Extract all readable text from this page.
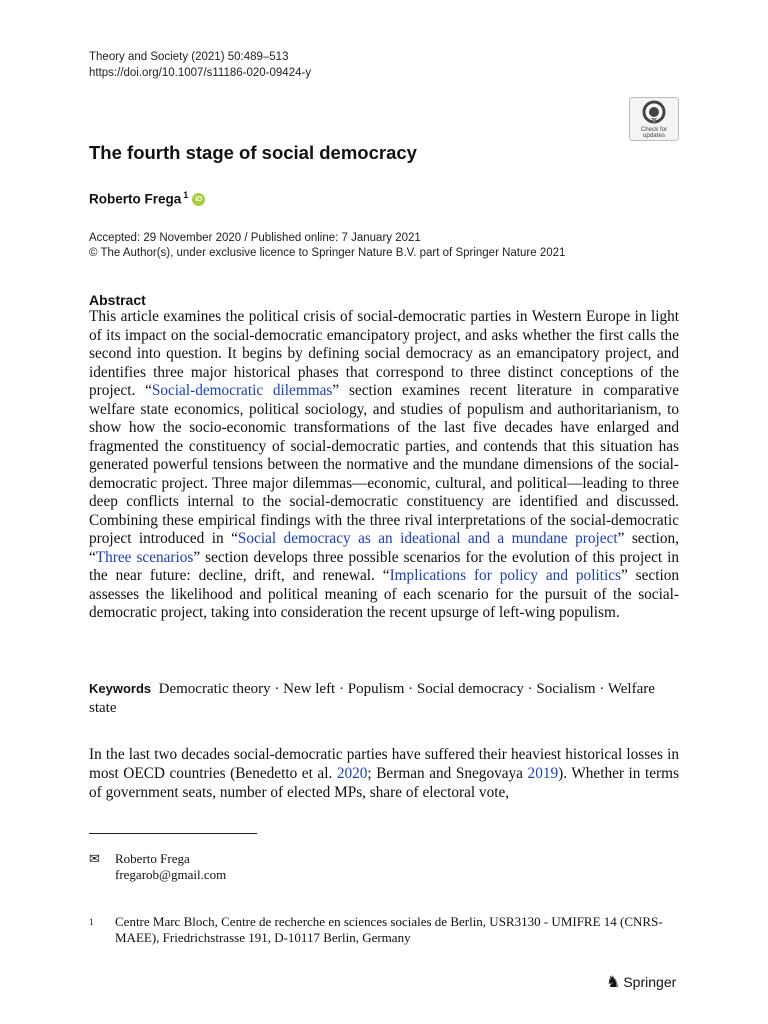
Theory and Society (2021) 50:489–513
https://doi.org/10.1007/s11186-020-09424-y
Check for
updates
The fourth stage of social democracy
Roberto Frega $^1$ iD
Accepted: 29 November 2020 / Published online: 7 January 2021
© The Author(s), under exclusive licence to Springer Nature B.V. part of Springer Nature 2021
Abstract
This article examines the political crisis of social-democratic parties in Western Europe in light of its impact on the social-democratic emancipatory project, and asks whether the first calls the second into question. It begins by defining social democracy as an emancipatory project, and identifies three major historical phases that correspond to three distinct conceptions of the project. “Social-democratic dilemmas” section examines recent literature in comparative welfare state economics, political sociology, and studies of populism and authoritarianism, to show how the socio-economic transformations of the last five decades have enlarged and fragmented the constituency of social-democratic parties, and contends that this situation has generated powerful tensions between the normative and the mundane dimensions of the social-democratic project. Three major dilemmas—economic, cultural, and political—leading to three deep conflicts internal to the social-democratic constituency are identified and discussed. Combining these empirical findings with the three rival interpretations of the social-democratic project introduced in “Social democracy as an ideational and a mundane project” section, “Three scenarios” section develops three possible scenarios for the evolution of this project in the near future: decline, drift, and renewal. “Implications for policy and politics” section assesses the likelihood and political meaning of each scenario for the pursuit of the social-democratic project, taking into consideration the recent upsurge of left-wing populism.
Keywords Democratic theory · New left · Populism · Social democracy · Socialism · Welfare state
In the last two decades social-democratic parties have suffered their heaviest historical losses in most OECD countries (Benedetto et al. 2020; Berman and Snegovaya 2019). Whether in terms of government seats, number of elected MPs, share of electoral vote,
✉ Roberto Frega
fregarob@gmail.com
1	Centre Marc Bloch, Centre de recherche en sciences sociales de Berlin, USR3130 - UMIFRE 14 (CNRS- MAEE), Friedrichstrasse 191, D-10117 Berlin, Germany
♞ Springer
